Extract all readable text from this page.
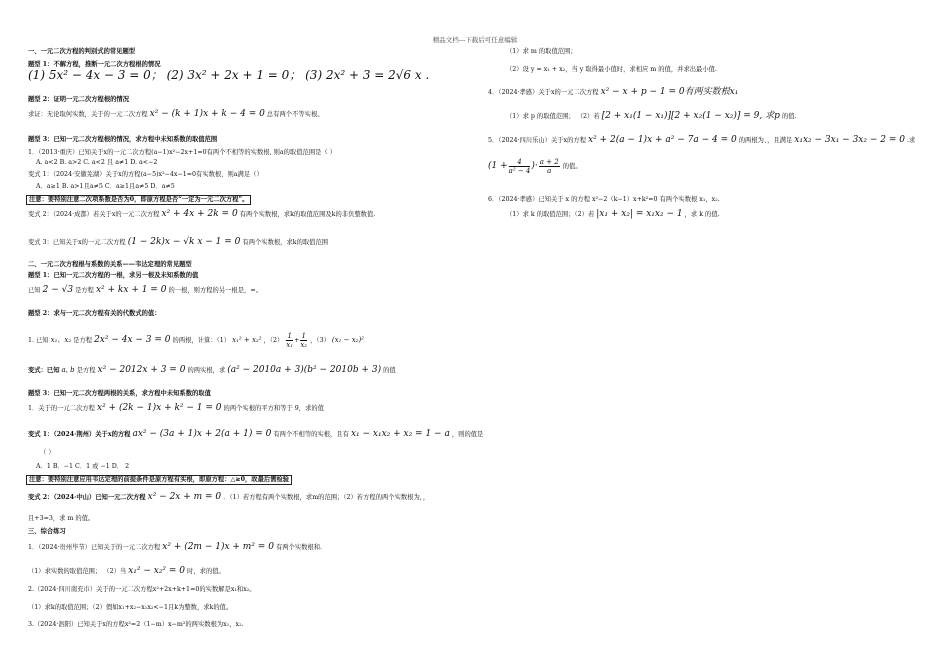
精品文档---下载后可任意编辑
一、一元二次方程的判别式的常见题型
题型 1：不解方程，推断一元二次方程根的情况
(1) 5x² − 4x − 3 = 0； (2) 3x² + 2x + 1 = 0； (3) 2x² + 3 = 2√6 x .
题型 2：证明一元二次方程根的情况
求证：无论取何实数，关于的一元二次方程 x² − (k + 1)x + k − 4 = 0 总有两个不等实根。
题型 3：已知一元二次方程根的情况，求方程中未知系数的取值范围
1．（2013·重庆）已知关于x的一元二次方程(a−1)x²−2x+1=0有两个不相等的实数根, 则a的取值范围是（ ）
A. a<2 B. a>2 C. a<2 且 a≠1 D. a<−2
变式 1：（2024·安徽芜湖）关于x的方程(a−5)x²−4x−1=0有实数根，则a满足（）
A．a≥1 B. a>1且a≠5 C．a≥1且a≠5 D．a≠5
注意：要特别注意二次项系数是否为0，即原方程是否“一定为一元二次方程”。
变式 2：（2024·成都）若关于x的一元二次方程 x² + 4x + 2k = 0 有两个实数根，求k的取值范围及k的非负整数值.
变式 3：已知关于x的一元二次方程 (1 − 2k)x − √k x − 1 = 0 有两个实数根，求k的取值范围
二、一元二次方程根与系数的关系——韦达定理的常见题型
题型 1：已知一元二次方程的一根，求另一根及未知系数的值
已知 2 − √3 是方程 x² + kx + 1 = 0 的一根，则方程的另一根是，=。
题型 2：求与一元二次方程有关的代数式的值：
1. 已知 x₁、x₂ 是方程 2x² − 4x − 3 = 0 的两根，计算：（1） x₁² + x₂² ，$(2) \frac{1}{\text{x₁}} + \frac{1}{\text{x₂}}$ ，（3） (x₁ − x₂)²
变式：已知 a, b 是方程 x² − 2012x + 3 = 0 的两实根，求 (a² − 2010a + 3)(b² − 2010b + 3) 的值
题型 3：已知一元二次方程两根的关系，求方程中未知系数的取值
1．关于的一元二次方程 x² + (2k − 1)x + k² − 1 = 0 的两个实根的平方和等于 9，求的值
变式 1：（2024·荆州）关于x的方程 ax² − (3a + 1)x + 2(a + 1) = 0 有两个不相等的实根，且有 x₁ − x₁x₂ + x₂ = 1 − a ，则的值是
（ ）
A．1 B．−1 C．1 或 −1 D． 2
注意：要特别注意应用韦达定理的前提条件是原方程有实根，即原方程：△≥0，故最后需检验
变式 2：（2024·中山）已知一元二次方程 x² − 2x + m = 0 ．（1）若方程有两个实数根，求m的范围；（2）若方程的两个实数根为，，
且+3=3，求 m 的值。
三、综合练习
1．（2024·贵州毕节）已知关于的一元二次方程 x² + (2m − 1)x + m² = 0 有两个实数根和.
（1）求实数的取值范围； （2）当 x₁² − x₂² = 0 时，求的值。
2.（2024·四川南充市）关于的一元二次方程x²+2x+k+1=0的实数解是x₁和x₂。
（1）求k的取值范围；（2）假如x₁+x₂−x₁x₂<−1且k为整数，求k的值。
3.（2024·泗阳）已知关于x的方程x²=2（1−m）x−m²的两实数根为x₁，x₂.
（1）求 m 的取值范围；
（2）设 y = x₁ + x₂，当 y 取得最小值时，求相应 m 的值，并求出最小值.
4．（2024·孝感）关于x的一元二次方程 x² − x + p − 1 = 0有两实数根x₁
（1）求 p 的取值范围； （2）若 [2 + x₁(1 − x₁)][2 + x₂(1 − x₂)] = 9, 求p 的值.
5．（2024·四川乐山）关于x的方程 x² + 2(a − 1)x + a² − 7a − 4 = 0 的两根为、，且满足 x₁x₂ − 3x₁ − 3x₂ − 2 = 0 .求
($1 + \frac{4}{\text{a² − 4}}$ )· $\frac{a + 2}{a}$ 的值。
6．（2024·孝感）已知关于 x 的方程 x²−2（k−1）x+k²=0 有两个实数根 x₁，x₂.
（1）求 k 的取值范围；（2）若 |x₁ + x₂| = x₁x₂ − 1 ，求 k 的值.
